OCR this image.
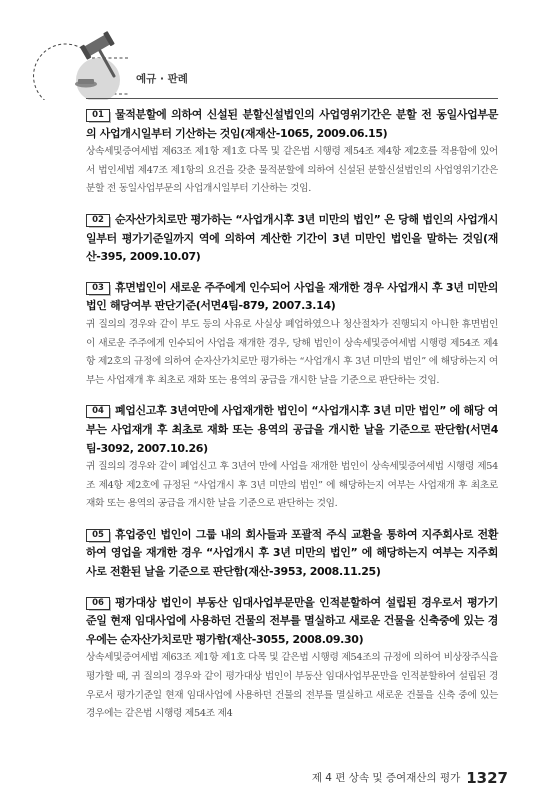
예규 · 판례
01 물적분할에 의하여 신설된 분할신설법인의 사업영위기간은 분할 전 동일사업부문의 사업개시일부터 기산하는 것임(재재산-1065, 2009.06.15)
상속세및증여세법 제63조 제1항 제1호 다목 및 같은법 시행령 제54조 제4항 제2호를 적용함에 있어서 법인세법 제47조 제1항의 요건을 갖춘 물적분할에 의하여 신설된 분할신설법인의 사업영위기간은 분할 전 동일사업부문의 사업개시일부터 기산하는 것임.
02 순자산가치로만 평가하는 “사업개시후 3년 미만의 법인” 은 당해 법인의 사업개시일부터 평가기준일까지 역에 의하여 계산한 기간이 3년 미만인 법인을 말하는 것임(재산-395, 2009.10.07)
03 휴면법인이 새로운 주주에게 인수되어 사업을 재개한 경우 사업개시 후 3년 미만의 법인 해당여부 판단기준(서면4팀-879, 2007.3.14)
귀 질의의 경우와 같이 부도 등의 사유로 사실상 폐업하였으나 청산절차가 진행되지 아니한 휴면법인이 새로운 주주에게 인수되어 사업을 재개한 경우, 당해 법인이 상속세및증여세법 시행령 제54조 제4항 제2호의 규정에 의하여 순자산가치로만 평가하는 “사업개시 후 3년 미만의 법인” 에 해당하는지 여부는 사업재개 후 최초로 재화 또는 용역의 공급을 개시한 날을 기준으로 판단하는 것임.
04 폐업신고후 3년여만에 사업재개한 법인이 “사업개시후 3년 미만 법인” 에 해당 여부는 사업재개 후 최초로 재화 또는 용역의 공급을 개시한 날을 기준으로 판단함(서면4팀-3092, 2007.10.26)
귀 질의의 경우와 같이 폐업신고 후 3년여 만에 사업을 재개한 법인이 상속세및증여세법 시행령 제54조 제4항 제2호에 규정된 “사업개시 후 3년 미만의 법인” 에 해당하는지 여부는 사업재개 후 최초로 재화 또는 용역의 공급을 개시한 날을 기준으로 판단하는 것임.
05 휴업중인 법인이 그룹 내의 회사들과 포괄적 주식 교환을 통하여 지주회사로 전환하여 영업을 재개한 경우 “사업개시 후 3년 미만의 법인” 에 해당하는지 여부는 지주회사로 전환된 날을 기준으로 판단함(재산-3953, 2008.11.25)
06 평가대상 법인이 부동산 임대사업부문만을 인적분할하여 설립된 경우로서 평가기준일 현재 임대사업에 사용하던 건물의 전부를 멸실하고 새로운 건물을 신축중에 있는 경우에는 순자산가치로만 평가함(재산-3055, 2008.09.30)
상속세및증여세법 제63조 제1항 제1호 다목 및 같은법 시행령 제54조의 규정에 의하여 비상장주식을 평가할 때, 귀 질의의 경우와 같이 평가대상 법인이 부동산 임대사업부문만을 인적분할하여 설립된 경우로서 평가기준일 현재 임대사업에 사용하던 건물의 전부를 멸실하고 새로운 건물을 신축 중에 있는 경우에는 같은법 시행령 제54조 제4
제 4 편 상속 및 증여재산의 평가 1327
